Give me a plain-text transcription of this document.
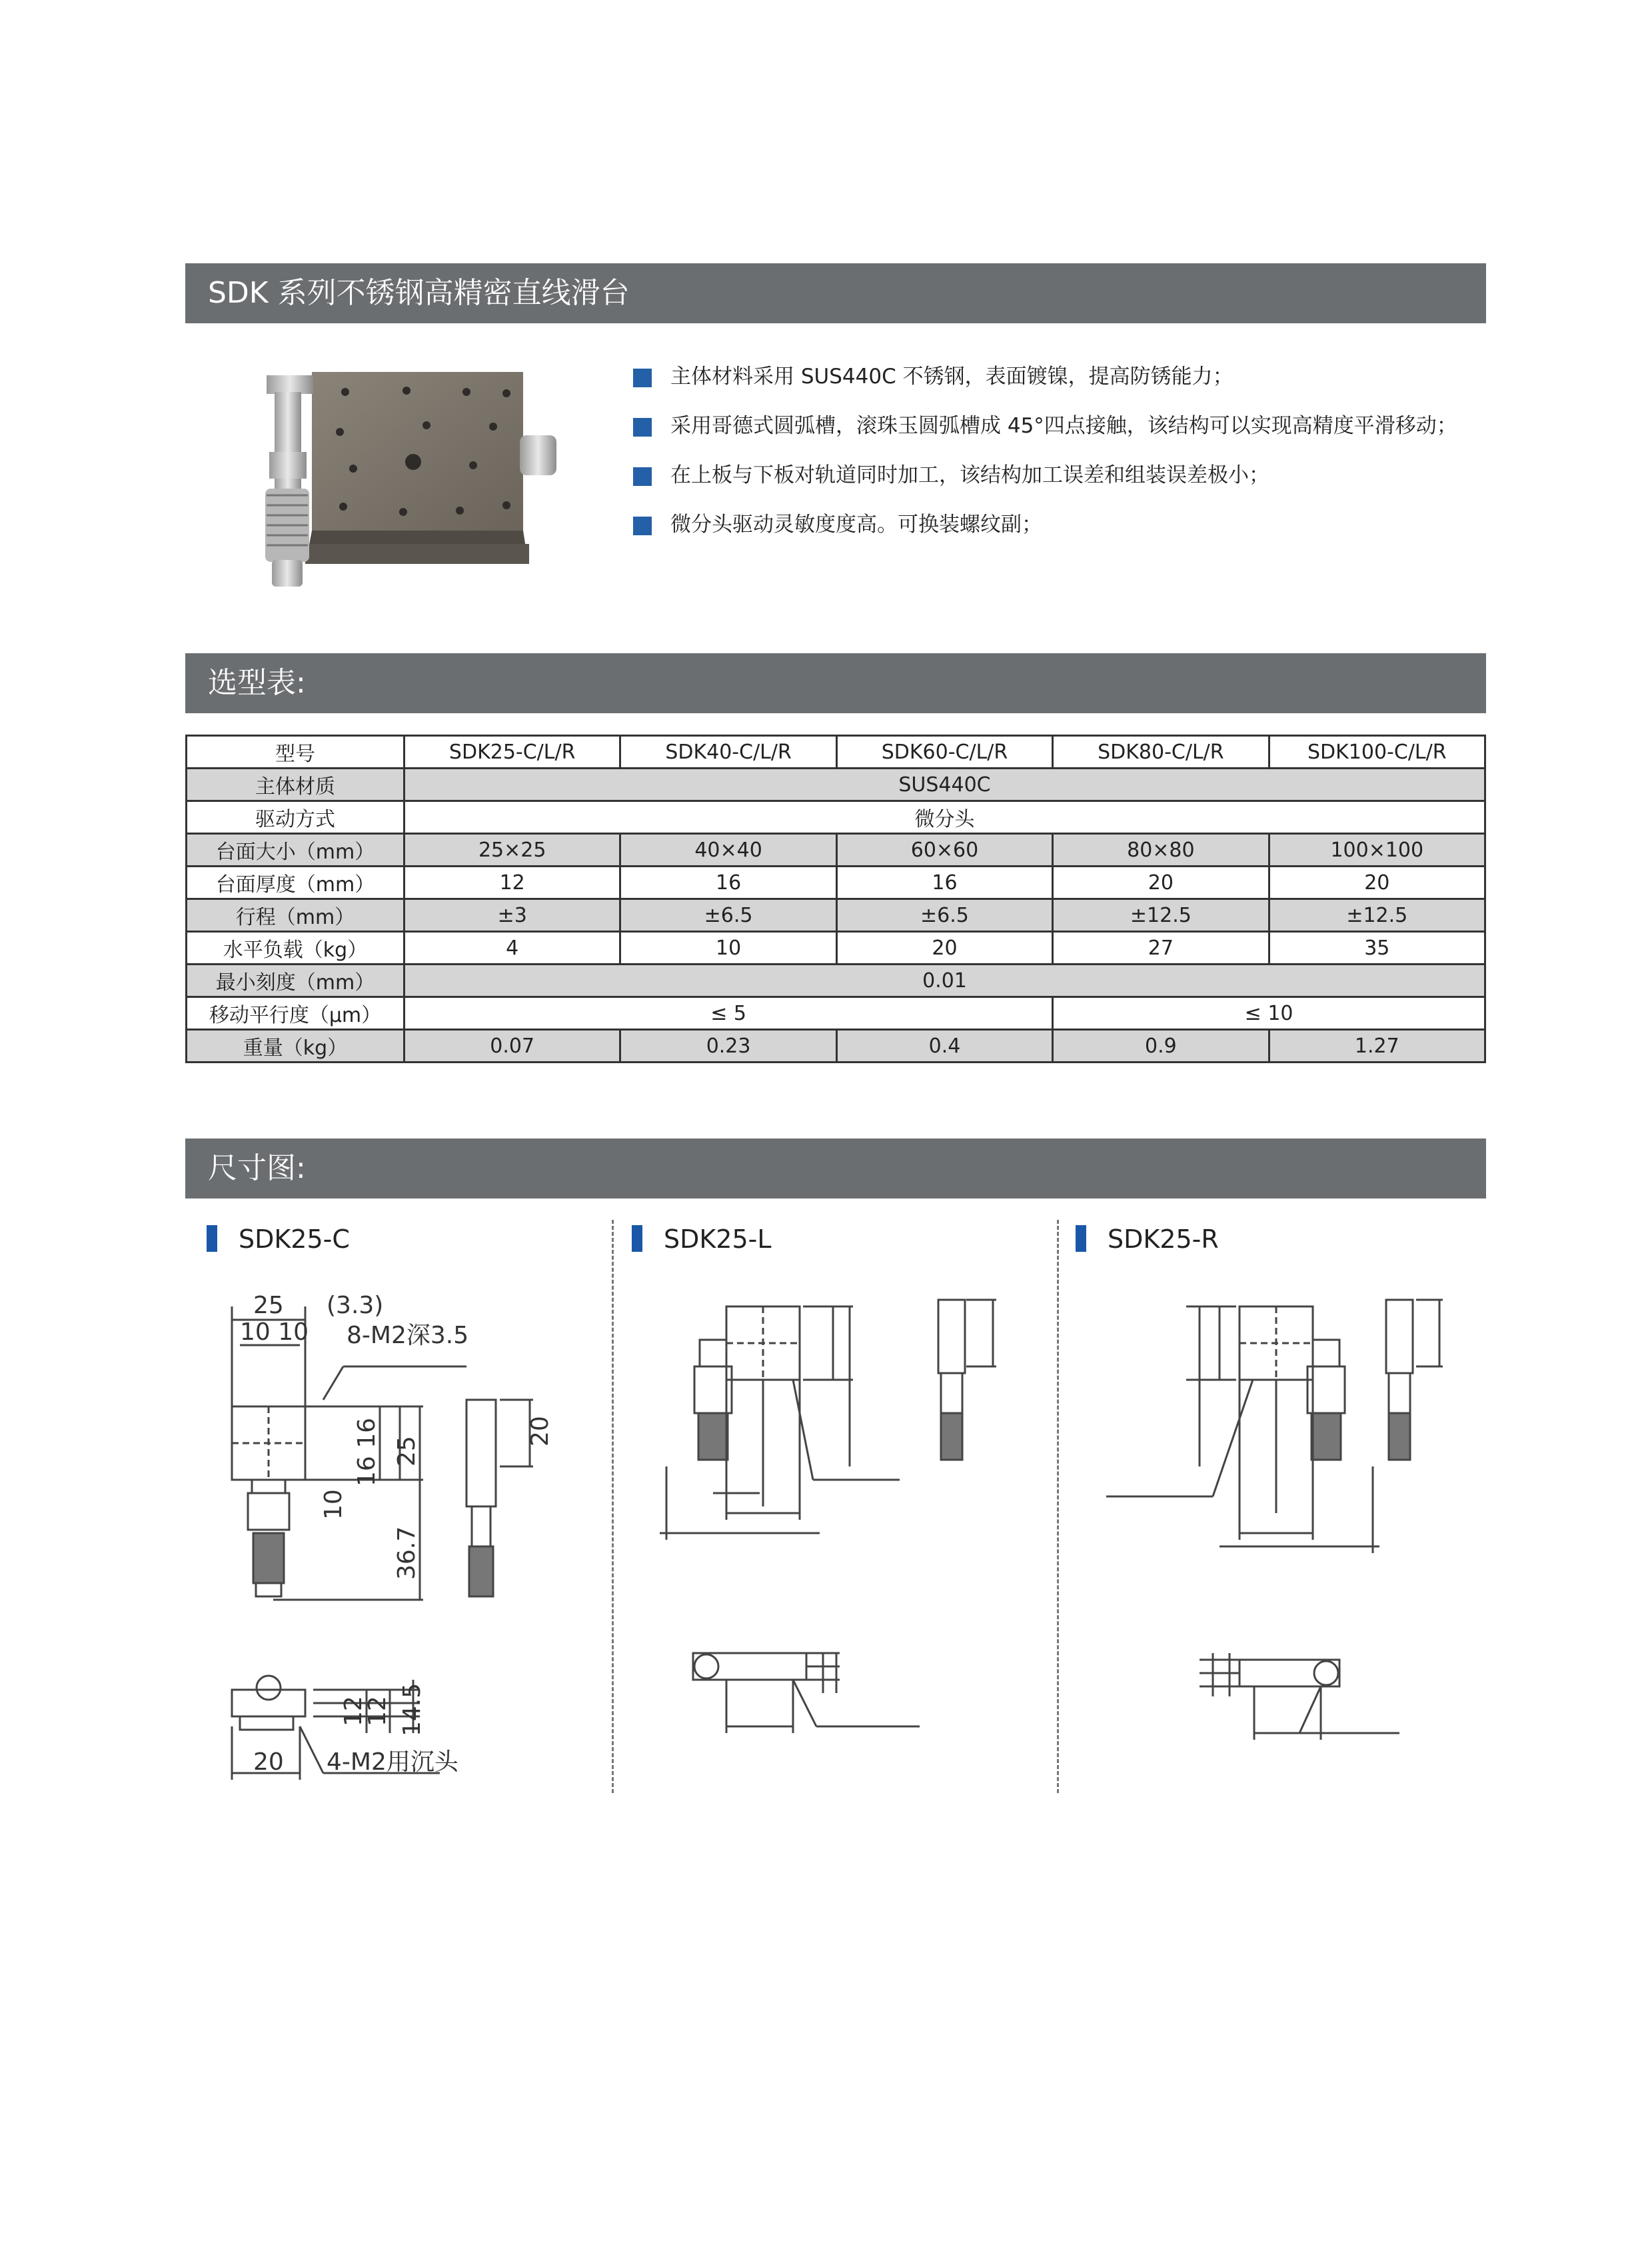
SDK 系列不锈钢高精密直线滑台
主体材料采用 SUS440C 不锈钢，表面镀镍，提高防锈能力；
采用哥德式圆弧槽，滚珠玉圆弧槽成 45°四点接触，该结构可以实现高精度平滑移动；
在上板与下板对轨道同时加工，该结构加工误差和组装误差极小；
微分头驱动灵敏度度高。可换装螺纹副；
选型表:
型号	SDK25-C/L/R	SDK40-C/L/R	SDK60-C/L/R	SDK80-C/L/R	SDK100-C/L/R
主体材质	SUS440C				
驱动方式	微分头				
台面大小（mm）	25×25	40×40	60×60	80×80	100×100
台面厚度（mm）	12	16	16	20	20
行程（mm）	±3	±6.5	±6.5	±12.5	±12.5
水平负载（kg）	4	10	20	27	35
最小刻度（mm）	0.01				
移动平行度（μm）	≤ 5			≤ 10	
重量（kg）	0.07	0.23	0.4	0.9	1.27
尺寸图:
SDK25-C	SDK25-L	SDK25-R
25 (3.3)
10 10 8-M2深3.5
16 16 25
20
10
36.7
14.5
12
12
20 4-M2用沉头
